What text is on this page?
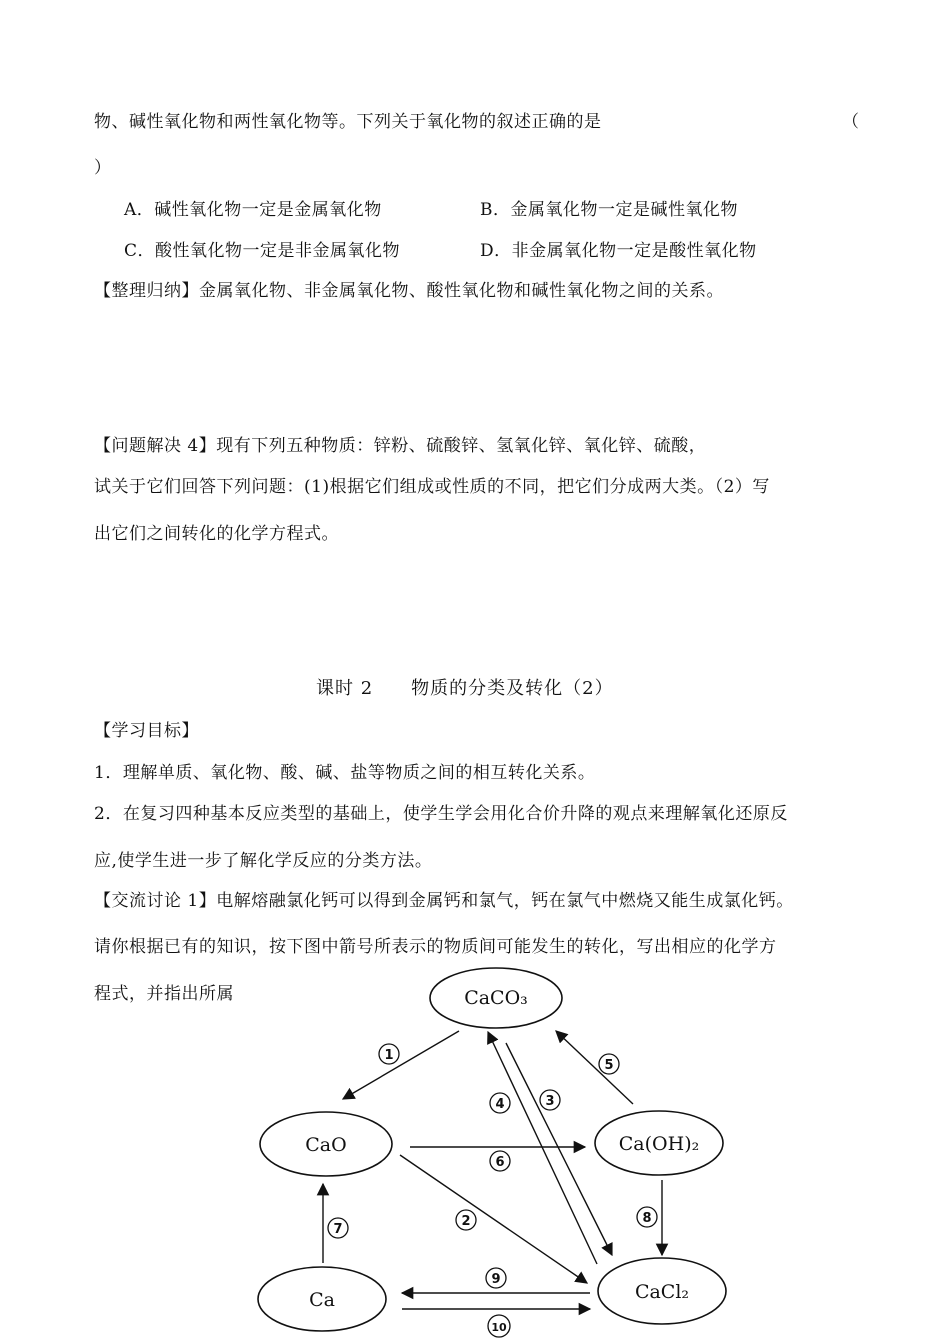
物、碱性氧化物和两性氧化物等。下列关于氧化物的叙述正确的是	（
）
A．碱性氧化物一定是金属氧化物	B．金属氧化物一定是碱性氧化物
C．酸性氧化物一定是非金属氧化物	D．非金属氧化物一定是酸性氧化物
【整理归纳】金属氧化物、非金属氧化物、酸性氧化物和碱性氧化物之间的关系。
【问题解决 4】现有下列五种物质：锌粉、硫酸锌、氢氧化锌、氧化锌、硫酸，
试关于它们回答下列问题：(1)根据它们组成或性质的不同，把它们分成两大类。（2）写
出它们之间转化的化学方程式。
课时 2　　物质的分类及转化（2）
【学习目标】
1．理解单质、氧化物、酸、碱、盐等物质之间的相互转化关系。
2．在复习四种基本反应类型的基础上，使学生学会用化合价升降的观点来理解氧化还原反
应,使学生进一步了解化学反应的分类方法。
【交流讨论 1】电解熔融氯化钙可以得到金属钙和氯气，钙在氯气中燃烧又能生成氯化钙。
请你根据已有的知识，按下图中箭号所表示的物质间可能发生的转化，写出相应的化学方
程式，并指出所属	CaCO₃
CaO	Ca(OH)₂
Ca	CaCl₂
1
5
4	3
6
2	8
7
9
10
